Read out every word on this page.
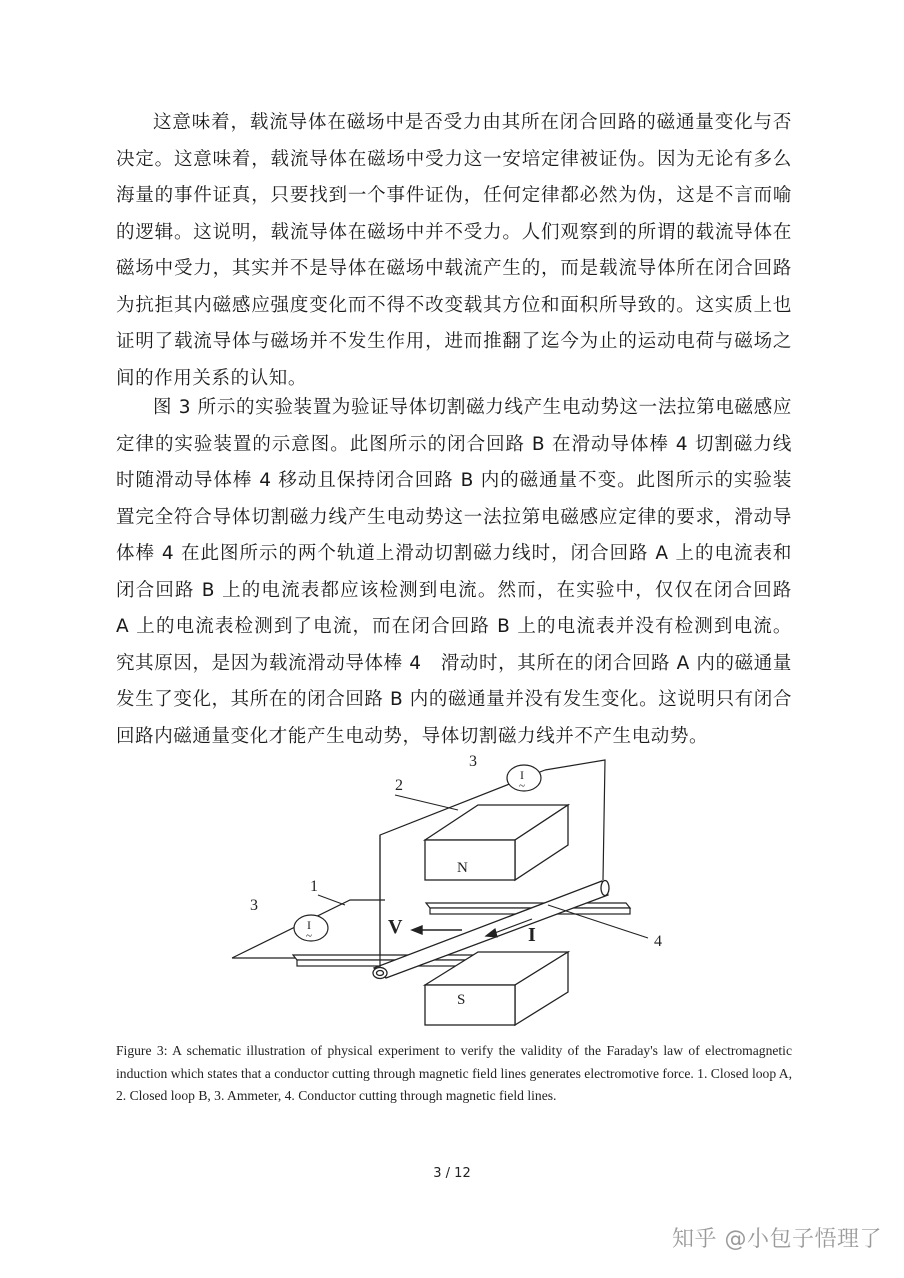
这意味着，载流导体在磁场中是否受力由其所在闭合回路的磁通量变化与否决定。这意味着，载流导体在磁场中受力这一安培定律被证伪。因为无论有多么海量的事件证真，只要找到一个事件证伪，任何定律都必然为伪，这是不言而喻的逻辑。这说明，载流导体在磁场中并不受力。人们观察到的所谓的载流导体在磁场中受力，其实并不是导体在磁场中载流产生的，而是载流导体所在闭合回路为抗拒其内磁感应强度变化而不得不改变载其方位和面积所导致的。这实质上也证明了载流导体与磁场并不发生作用，进而推翻了迄今为止的运动电荷与磁场之间的作用关系的认知。

图 3 所示的实验装置为验证导体切割磁力线产生电动势这一法拉第电磁感应定律的实验装置的示意图。此图所示的闭合回路 B 在滑动导体棒 4 切割磁力线时随滑动导体棒 4 移动且保持闭合回路 B 内的磁通量不变。此图所示的实验装置完全符合导体切割磁力线产生电动势这一法拉第电磁感应定律的要求，滑动导体棒 4 在此图所示的两个轨道上滑动切割磁力线时，闭合回路 A 上的电流表和闭合回路 B 上的电流表都应该检测到电流。然而，在实验中，仅仅在闭合回路 A 上的电流表检测到了电流，而在闭合回路 B 上的电流表并没有检测到电流。究其原因，是因为载流滑动导体棒 4　滑动时，其所在的闭合回路 A 内的磁通量发生了变化，其所在的闭合回路 B 内的磁通量并没有发生变化。这说明只有闭合回路内磁通量变化才能产生电动势，导体切割磁力线并不产生电动势。

I
~
I
~
3
2
1
3
4
N
S
V	I

Figure 3: A schematic illustration of physical experiment to verify the validity of the Faraday's law of electromagnetic induction which states that a conductor cutting through magnetic field lines generates electromotive force. 1. Closed loop A, 2. Closed loop B, 3. Ammeter, 4. Conductor cutting through magnetic field lines.

3 / 12
知乎 @小包子悟理了
